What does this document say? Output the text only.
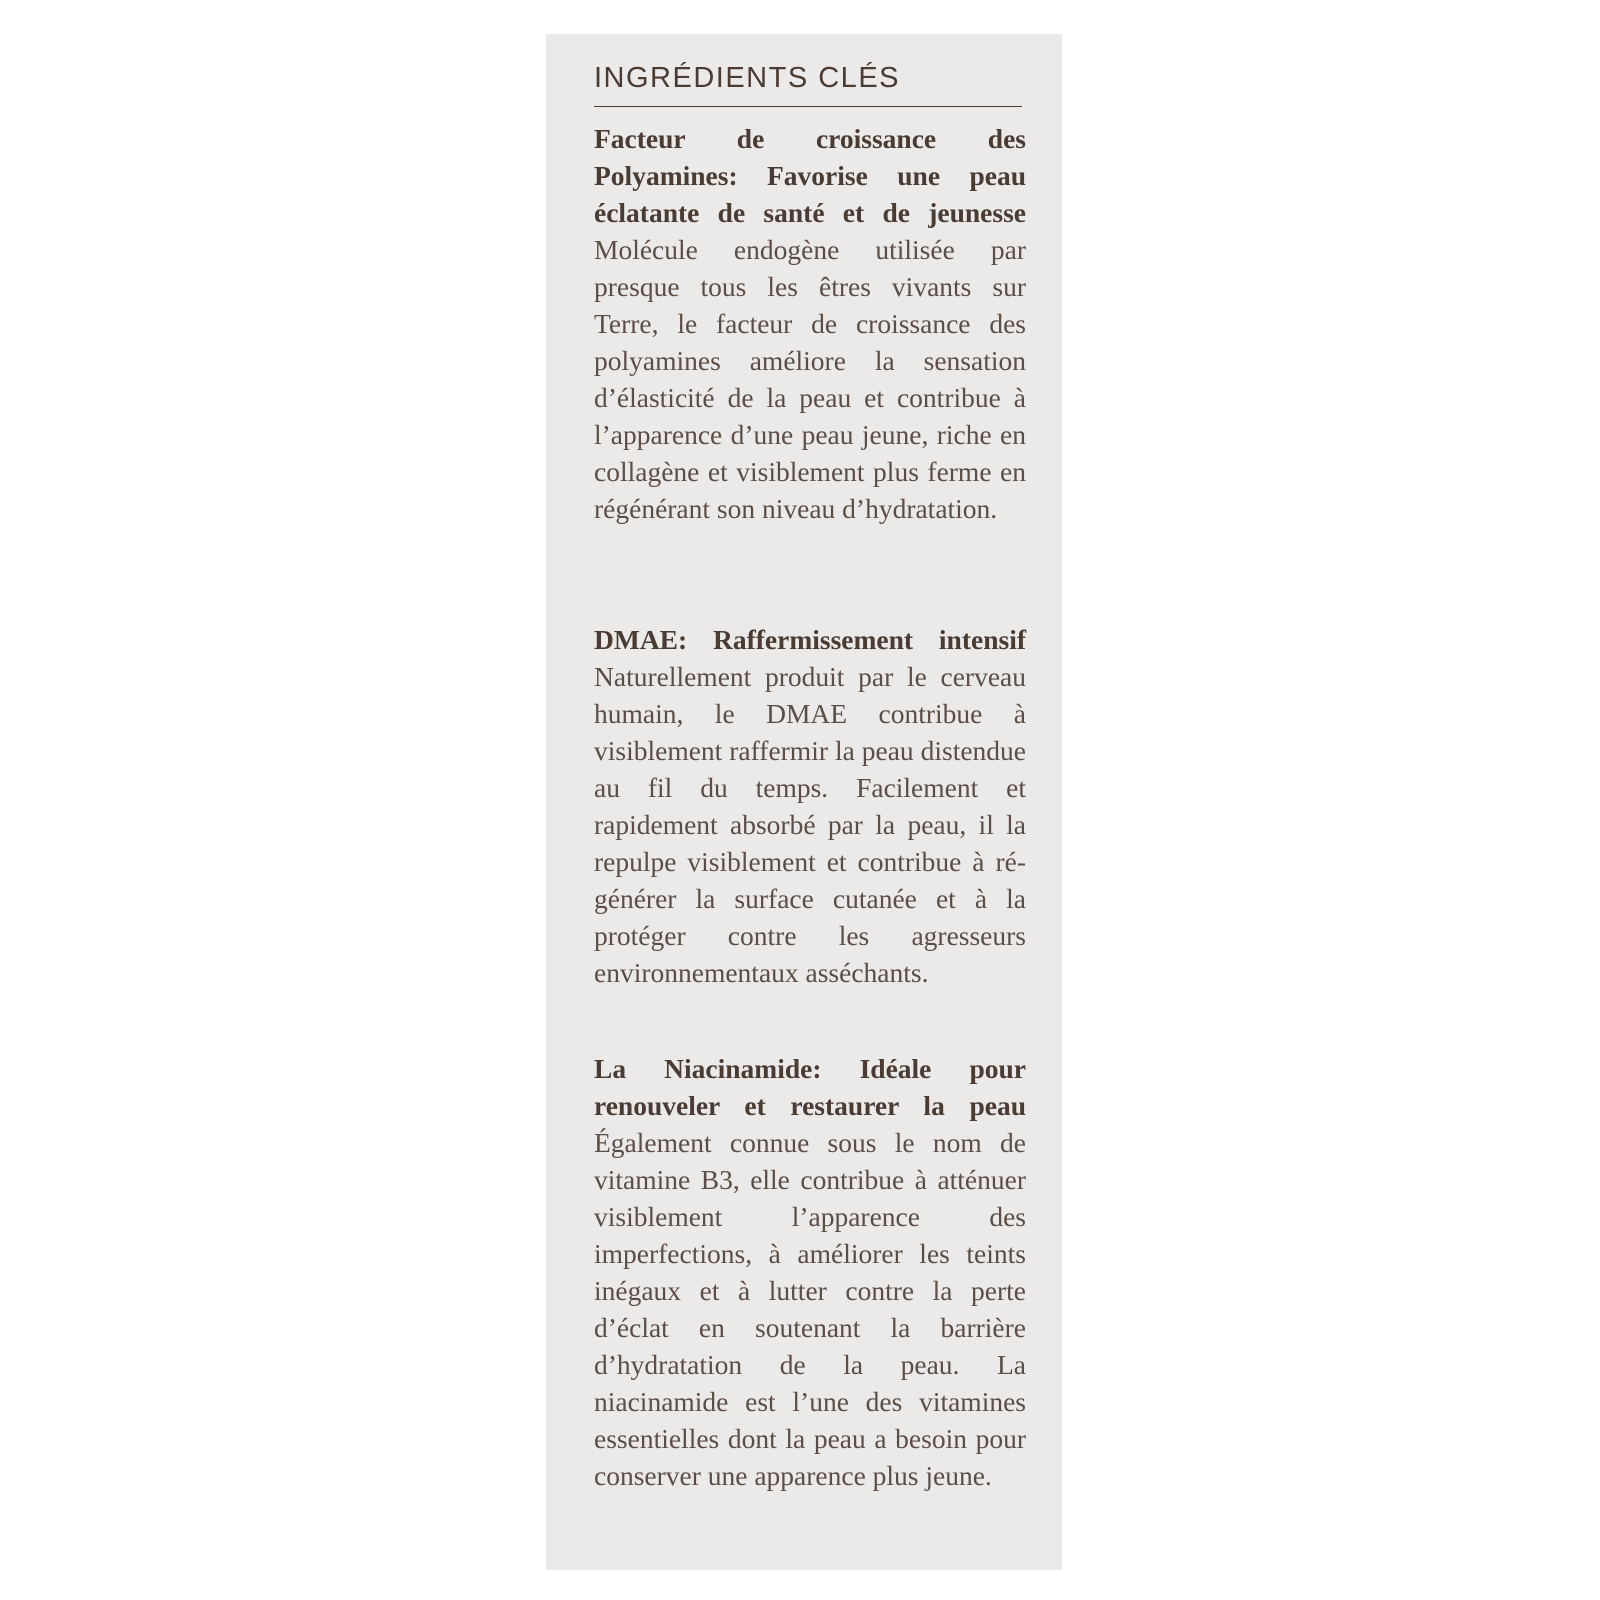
INGRÉDIENTS CLÉS

Facteur de croissance des Polyamines: Favorise une peau éclatante de santé et de jeunesse Molécule endogène utilisée par presque tous les êtres vivants sur Terre, le facteur de croissance des polyamines améliore la sensation d’élasticité de la peau et contribue à l’apparence d’une peau jeune, riche en collagène et visiblement plus ferme en régénérant son niveau d’hydratation.

DMAE: Raffermissement intensif Naturellement produit par le cerveau humain, le DMAE contribue à visiblement raffermir la peau distendue au fil du temps. Facilement et rapidement absorbé par la peau, il la repulpe visiblement et contribue à régénérer la surface cutanée et à la protéger contre les agresseurs environnementaux asséchants.

La Niacinamide: Idéale pour renouveler et restaurer la peau Également connue sous le nom de vitamine B3, elle contribue à atténuer visiblement l’apparence des imperfections, à améliorer les teints inégaux et à lutter contre la perte d’éclat en soutenant la barrière d’hydratation de la peau. La niacinamide est l’une des vitamines essentielles dont la peau a besoin pour conserver une apparence plus jeune.
